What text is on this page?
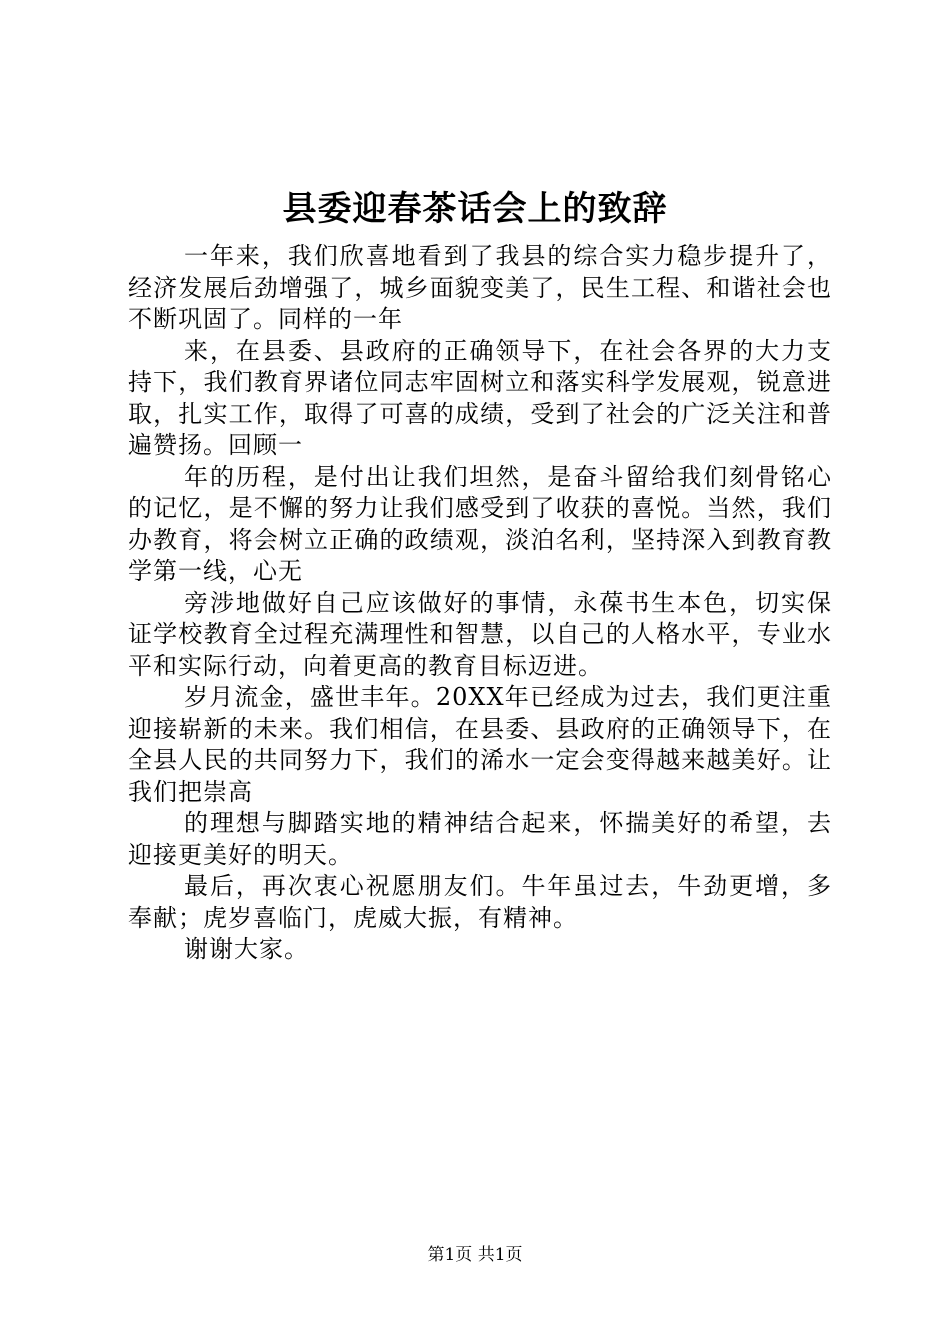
县委迎春茶话会上的致辞

一年来，我们欣喜地看到了我县的综合实力稳步提升了，经济发展后劲增强了，城乡面貌变美了，民生工程、和谐社会也不断巩固了。同样的一年

来，在县委、县政府的正确领导下，在社会各界的大力支持下，我们教育界诸位同志牢固树立和落实科学发展观，锐意进取，扎实工作，取得了可喜的成绩，受到了社会的广泛关注和普遍赞扬。回顾一

年的历程，是付出让我们坦然，是奋斗留给我们刻骨铭心的记忆，是不懈的努力让我们感受到了收获的喜悦。当然，我们办教育，将会树立正确的政绩观，淡泊名利，坚持深入到教育教学第一线，心无

旁涉地做好自己应该做好的事情，永葆书生本色，切实保证学校教育全过程充满理性和智慧，以自己的人格水平，专业水平和实际行动，向着更高的教育目标迈进。

岁月流金，盛世丰年。20XX年已经成为过去，我们更注重迎接崭新的未来。我们相信，在县委、县政府的正确领导下，在全县人民的共同努力下，我们的浠水一定会变得越来越美好。让我们把崇高

的理想与脚踏实地的精神结合起来，怀揣美好的希望，去迎接更美好的明天。

最后，再次衷心祝愿朋友们。牛年虽过去，牛劲更增，多奉献；虎岁喜临门，虎威大振，有精神。

谢谢大家。

第1页 共1页
